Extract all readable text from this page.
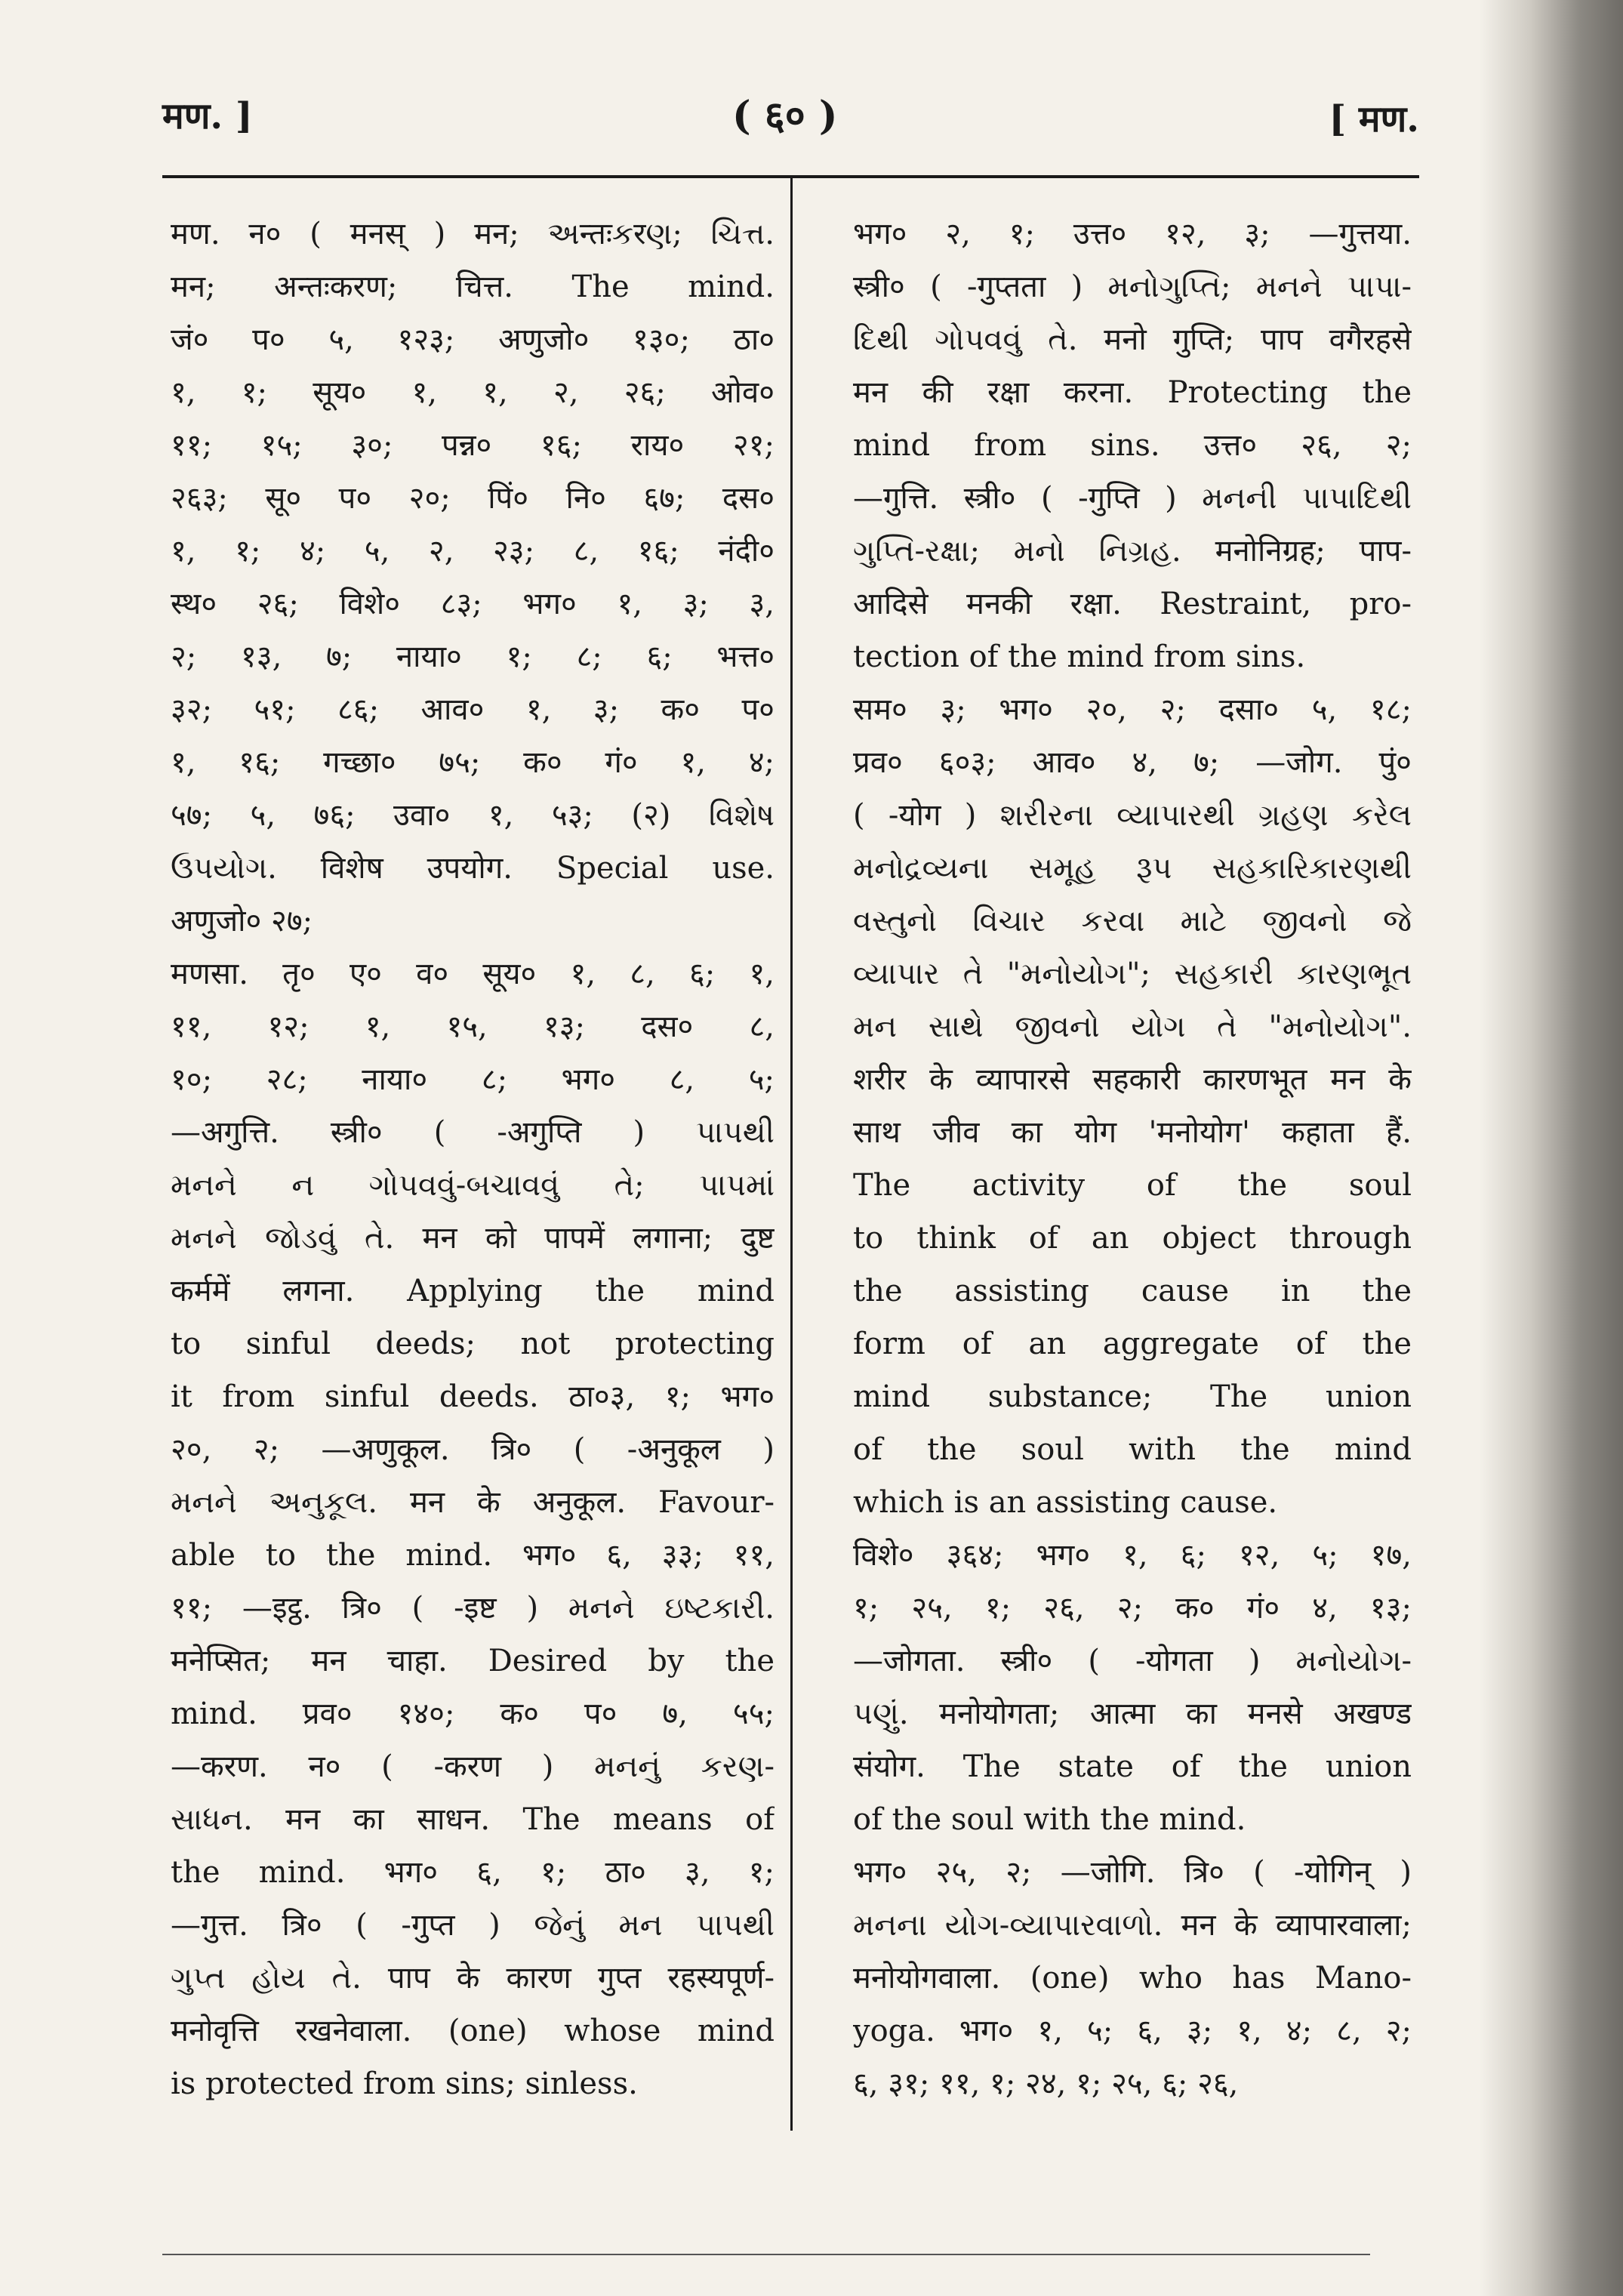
मण. ]	( ६० )	[ मण.
मण. न० ( मनस् ) मन; અन्तःકरણ; ચિત્ત.
मन; अन्तःकरण; चित्त. The mind.
जं० प० ५, १२३; अणुजो० १३०; ठा०
१, १; सूय० १, १, २, २६; ओव०
११; १५; ३०; पन्न० १६; राय० २१;
२६३; सू० प० २०; पिं० नि० ६७; दस०
१, १; ४; ५, २, २३; ८, १६; नंदी०
स्थ० २६; विशे० ८३; भग० १, ३; ३,
२; १३, ७; नाया० १; ८; ६; भत्त०
३२; ५१; ८६; आव० १, ३; क० प०
१, १६; गच्छा० ७५; क० गं० १, ४;
५७; ५, ७६; उवा० १, ५३; (२) વિશેષ
ઉપયોગ. विशेष उपयोग. Special use.
अणुजो० २७;
मणसा. तृ० ए० व० सूय० १, ८, ६; १,
११, १२; १, १५, १३; दस० ८,
१०; २८; नाया० ८; भग० ८, ५;
—अगुत्ति. स्त्री० ( -अगुप्ति ) પાપથી
મનને ન ગોપવવું-બચાવવું તે; પાપમાં
મનને જોડવું તે. मन को पापमें लगाना; दुष्ट
कर्ममें लगना. Applying the mind
to sinful deeds; not protecting
it from sinful deeds. ठा०३, १; भग०
२०, २; —अणुकूल. त्रि० ( -अनुकूल )
મનને અનુકૂલ. मन के अनुकूल. Favour-
able to the mind. भग० ६, ३३; ११,
११; —इट्ठ. त्रि० ( -इष्ट ) મનને ઇષ્ટકારી.
मनेप्सित; मन चाहा. Desired by the
mind. प्रव० १४०; क० प० ७, ५५;
—करण. न० ( -करण ) મનનું કરણ-
સાધન. मन का साधन. The means of
the mind. भग० ६, १; ठा० ३, १;
—गुत्त. त्रि० ( -गुप्त ) જેનું મન પાપથી
ગુપ્ત હોય તે. पाप के कारण गुप्त रहस्यपूर्ण-
मनोवृत्ति रखनेवाला. (one) whose mind
is protected from sins; sinless.
भग० २, १; उत्त० १२, ३; —गुत्तया.
स्त्री० ( -गुप्तता ) મનોગુપ્તિ; મનને પાપા-
દિથી ગોપવવું તે. मनो गुप्ति; पाप वगैरहसे
मन की रक्षा करना. Protecting the
mind from sins. उत्त० २६, २;
—गुत्ति. स्त्री० ( -गुप्ति ) મનની પાપાદિથી
ગુપ્તિ-રક્ષા; મનો નિગ્રહ. मनोनिग्रह; पाप-
आदिसे मनकी रक्षा. Restraint, pro-
tection of the mind from sins.
सम० ३; भग० २०, २; दसा० ५, १८;
प्रव० ६०३; आव० ४, ७; —जोग. पुं०
( -योग ) શરીરના વ્યાપારથી ગ્રહણ કરેલ
મનોદ્રવ્યના સમૂહ રૂપ સહકારિકારણથી
વસ્તુનો વિચાર કરવા માટે જીવનો જે
વ્યાપાર તે "મનોયોગ"; સહકારી કારણભૂત
મન સાથે જીવનો યોગ તે "મનોયોગ".
शरीर के व्यापारसे सहकारी कारणभूत मन के
साथ जीव का योग 'मनोयोग' कहाता हैं.
The activity of the soul
to think of an object through
the assisting cause in the
form of an aggregate of the
mind substance; The union
of the soul with the mind
which is an assisting cause.
विशे० ३६४; भग० १, ६; १२, ५; १७,
१; २५, १; २६, २; क० गं० ४, १३;
—जोगता. स्त्री० ( -योगता ) મનોયોગ-
પણું. मनोयोगता; आत्मा का मनसे अखण्ड
संयोग. The state of the union
of the soul with the mind.
भग० २५, २; —जोगि. त्रि० ( -योगिन् )
મનના યોગ-વ્યાપારવાળો. मन के व्यापारवाला;
मनोयोगवाला. (one) who has Mano-
yoga. भग० १, ५; ६, ३; १, ४; ८, २;
६, ३१; ११, १; २४, १; २५, ६; २६,
